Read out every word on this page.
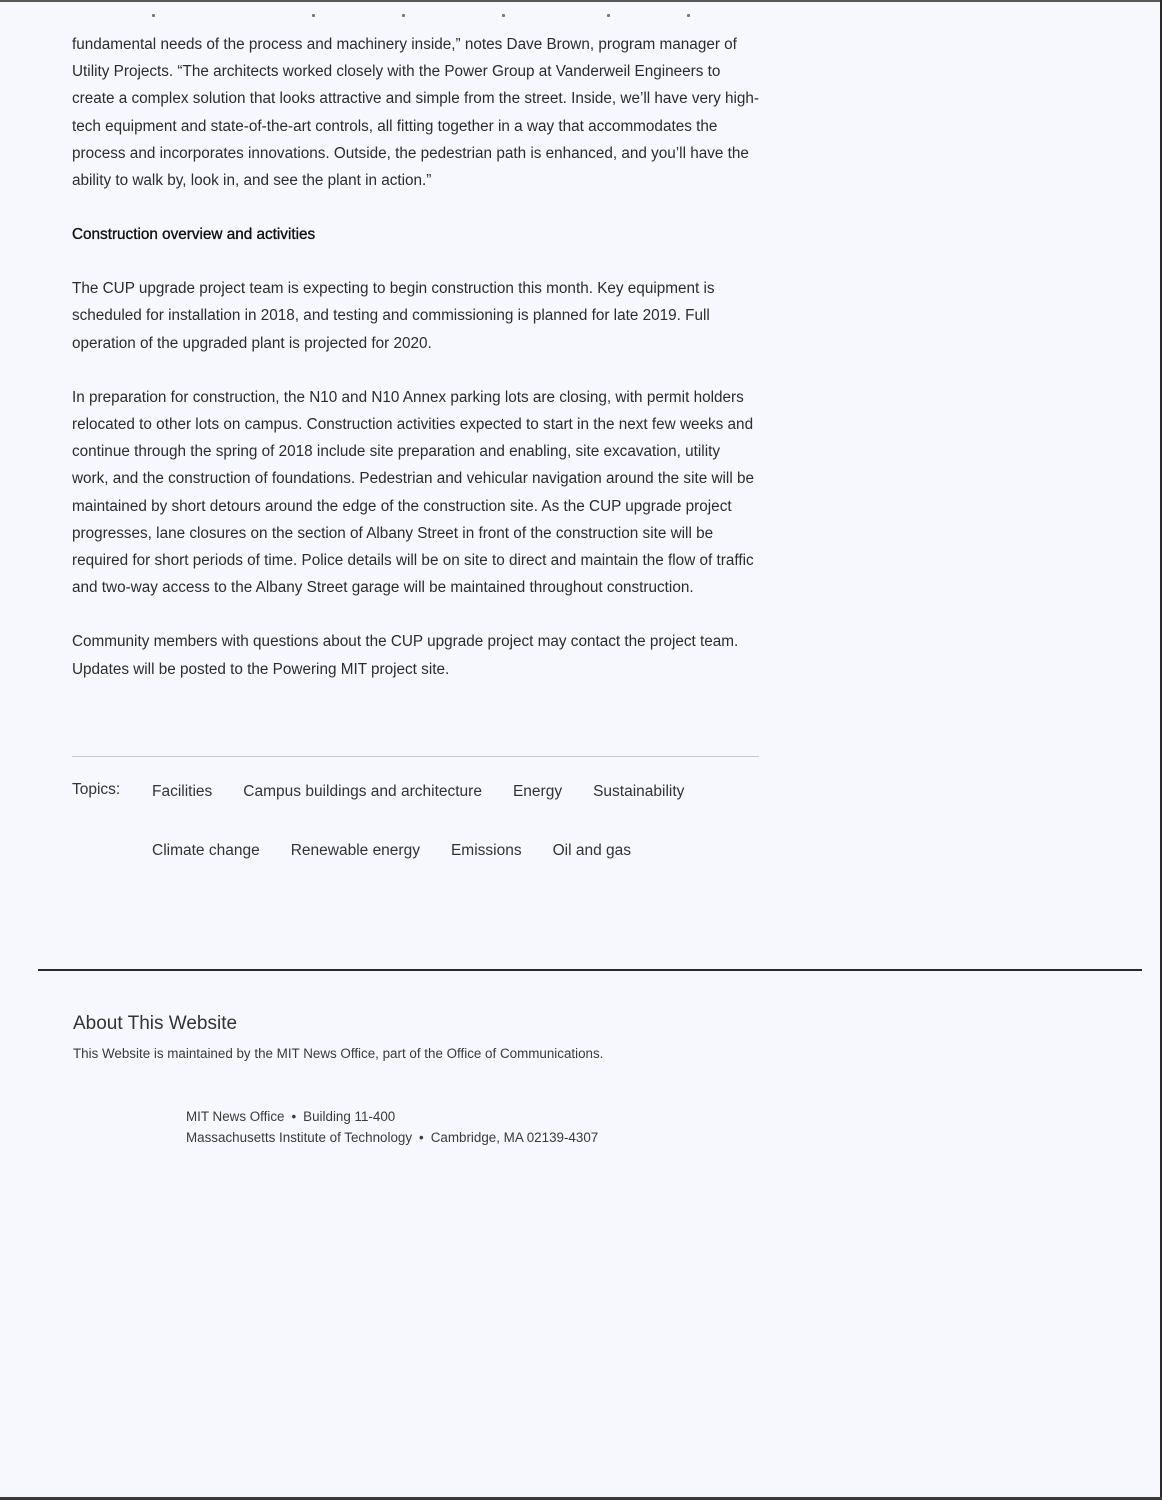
fundamental needs of the process and machinery inside,” notes Dave Brown, program manager of Utility Projects. “The architects worked closely with the Power Group at Vanderweil Engineers to create a complex solution that looks attractive and simple from the street. Inside, we’ll have very high-tech equipment and state-of-the-art controls, all fitting together in a way that accommodates the process and incorporates innovations. Outside, the pedestrian path is enhanced, and you’ll have the ability to walk by, look in, and see the plant in action.”

Construction overview and activities

The CUP upgrade project team is expecting to begin construction this month. Key equipment is scheduled for installation in 2018, and testing and commissioning is planned for late 2019. Full operation of the upgraded plant is projected for 2020.

In preparation for construction, the N10 and N10 Annex parking lots are closing, with permit holders relocated to other lots on campus. Construction activities expected to start in the next few weeks and continue through the spring of 2018 include site preparation and enabling, site excavation, utility work, and the construction of foundations. Pedestrian and vehicular navigation around the site will be maintained by short detours around the edge of the construction site. As the CUP upgrade project progresses, lane closures on the section of Albany Street in front of the construction site will be required for short periods of time. Police details will be on site to direct and maintain the flow of traffic and two-way access to the Albany Street garage will be maintained throughout construction.

Community members with questions about the CUP upgrade project may contact the project team. Updates will be posted to the Powering MIT project site.

Topics: Facilities Campus buildings and architecture Energy Sustainability
Climate change Renewable energy Emissions Oil and gas
About This Website
This Website is maintained by the MIT News Office, part of the Office of Communications.
MIT News Office • Building 11-400
Massachusetts Institute of Technology • Cambridge, MA 02139-4307
